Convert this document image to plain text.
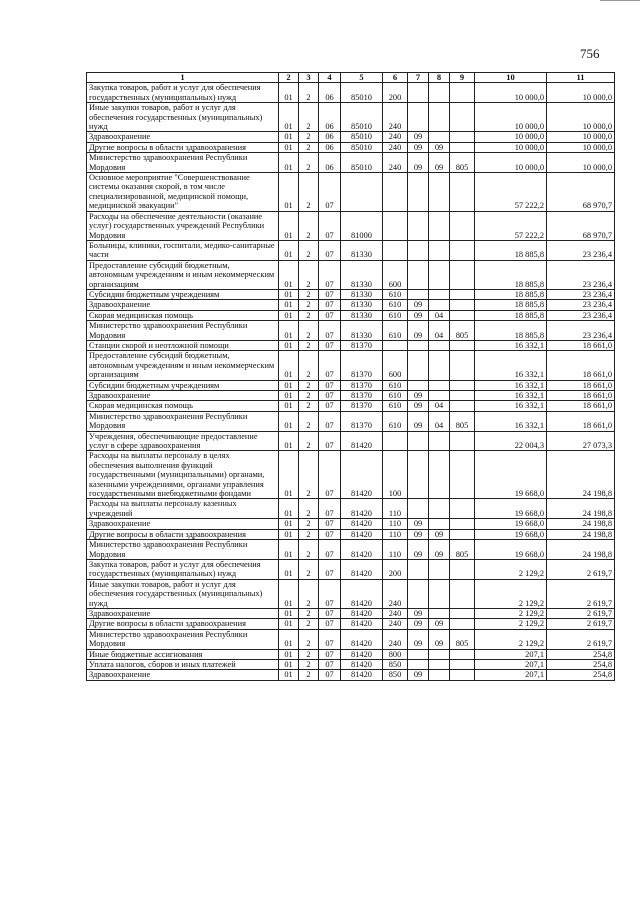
756
1	2	3	4	5	6	7	8	9	10	11
Закупка товаров, работ и услуг для обеспечения государственных (муниципальных) нужд	01	2	06	85010	200				10 000,0	10 000,0
Иные закупки товаров, работ и услуг для обеспечения государственных (муниципальных) нужд	01	2	06	85010	240				10 000,0	10 000,0
Здравоохранение	01	2	06	85010	240	09			10 000,0	10 000,0
Другие вопросы в области здравоохранения	01	2	06	85010	240	09	09		10 000,0	10 000,0
Министерство здравоохранения Республики Мордовия	01	2	06	85010	240	09	09	805	10 000,0	10 000,0
Основное мероприятие "Совершенствование системы оказания скорой, в том числе специализированной, медицинской помощи, медицинской эвакуации"	01	2	07						57 222,2	68 970,7
Расходы на обеспечение деятельности (оказание услуг) государственных учреждений Республики Мордовия	01	2	07	81000					57 222,2	68 970,7
Больницы, клиники, госпитали, медико-санитарные части	01	2	07	81330					18 885,8	23 236,4
Предоставление субсидий бюджетным, автономным учреждениям и иным некоммерческим организациям	01	2	07	81330	600				18 885,8	23 236,4
Субсидии бюджетным учреждениям	01	2	07	81330	610				18 885,8	23 236,4
Здравоохранение	01	2	07	81330	610	09			18 885,8	23 236,4
Скорая медицинская помощь	01	2	07	81330	610	09	04		18 885,8	23 236,4
Министерство здравоохранения Республики Мордовия	01	2	07	81330	610	09	04	805	18 885,8	23 236,4
Станции скорой и неотложной помощи	01	2	07	81370					16 332,1	18 661,0
Предоставление субсидий бюджетным, автономным учреждениям и иным некоммерческим организациям	01	2	07	81370	600				16 332,1	18 661,0
Субсидии бюджетным учреждениям	01	2	07	81370	610				16 332,1	18 661,0
Здравоохранение	01	2	07	81370	610	09			16 332,1	18 661,0
Скорая медицинская помощь	01	2	07	81370	610	09	04		16 332,1	18 661,0
Министерство здравоохранения Республики Мордовия	01	2	07	81370	610	09	04	805	16 332,1	18 661,0
Учреждения, обеспечивающие предоставление услуг в сфере здравоохранения	01	2	07	81420					22 004,3	27 073,3
Расходы на выплаты персоналу в целях обеспечения выполнения функций государственными (муниципальными) органами, казенными учреждениями, органами управления государственными внебюджетными фондами	01	2	07	81420	100				19 668,0	24 198,8
Расходы на выплаты персоналу казенных учреждений	01	2	07	81420	110				19 668,0	24 198,8
Здравоохранение	01	2	07	81420	110	09			19 668,0	24 198,8
Другие вопросы в области здравоохранения	01	2	07	81420	110	09	09		19 668,0	24 198,8
Министерство здравоохранения Республики Мордовия	01	2	07	81420	110	09	09	805	19 668,0	24 198,8
Закупка товаров, работ и услуг для обеспечения государственных (муниципальных) нужд	01	2	07	81420	200				2 129,2	2 619,7
Иные закупки товаров, работ и услуг для обеспечения государственных (муниципальных) нужд	01	2	07	81420	240				2 129,2	2 619,7
Здравоохранение	01	2	07	81420	240	09			2 129,2	2 619,7
Другие вопросы в области здравоохранения	01	2	07	81420	240	09	09		2 129,2	2 619,7
Министерство здравоохранения Республики Мордовия	01	2	07	81420	240	09	09	805	2 129,2	2 619,7
Иные бюджетные ассигнования	01	2	07	81420	800				207,1	254,8
Уплата налогов, сборов и иных платежей	01	2	07	81420	850				207,1	254,8
Здравоохранение	01	2	07	81420	850	09			207,1	254,8
